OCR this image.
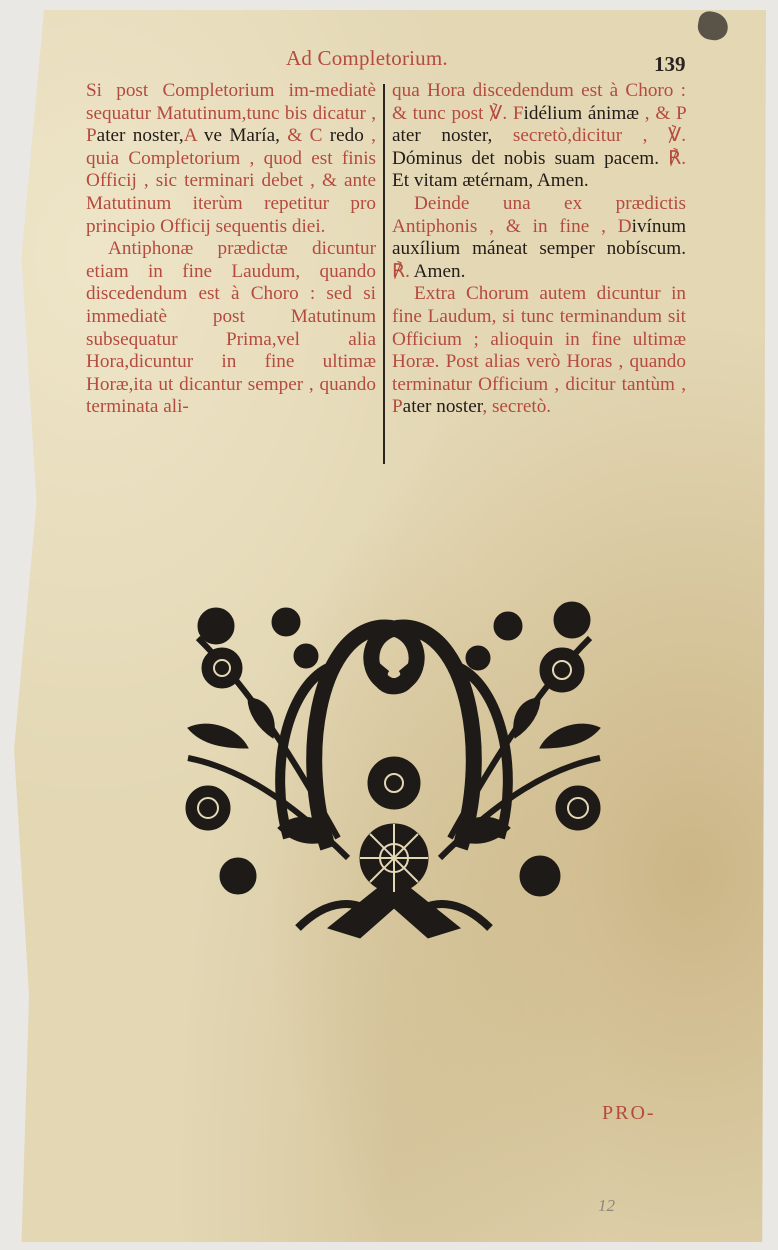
Ad Completorium.	139

Si post Completorium im-mediatè sequatur Matutinum,tunc bis dicatur , Pater noster,A ve María, & C redo , quia Completorium , quod est finis Officij , sic terminari debet , & ante Matutinum iterùm repetitur pro principio Officij sequentis diei.

Antiphonæ prædictæ dicuntur etiam in fine Laudum, quando discedendum est à Choro : sed si immediatè post Matutinum subsequatur Prima,vel alia Hora,dicuntur in fine ultimæ Horæ,ita ut dicantur semper , quando terminata ali-

qua Hora discedendum est à Choro : & tunc post ℣. Fidélium ánimæ , & P ater noster, secretò,dicitur , ℣. Dóminus det nobis suam pacem. ℟. Et vitam ætérnam, Amen.

Deinde una ex prædictis Antiphonis , & in fine , Divínum auxílium máneat semper nobíscum. ℟. Amen.

Extra Chorum autem dicuntur in fine Laudum, si tunc terminandum sit Officium ; alioquin in fine ultimæ Horæ. Post alias verò Horas , quando terminatur Officium , dicitur tantùm , Pater noster, secretò.

PRO-
12
